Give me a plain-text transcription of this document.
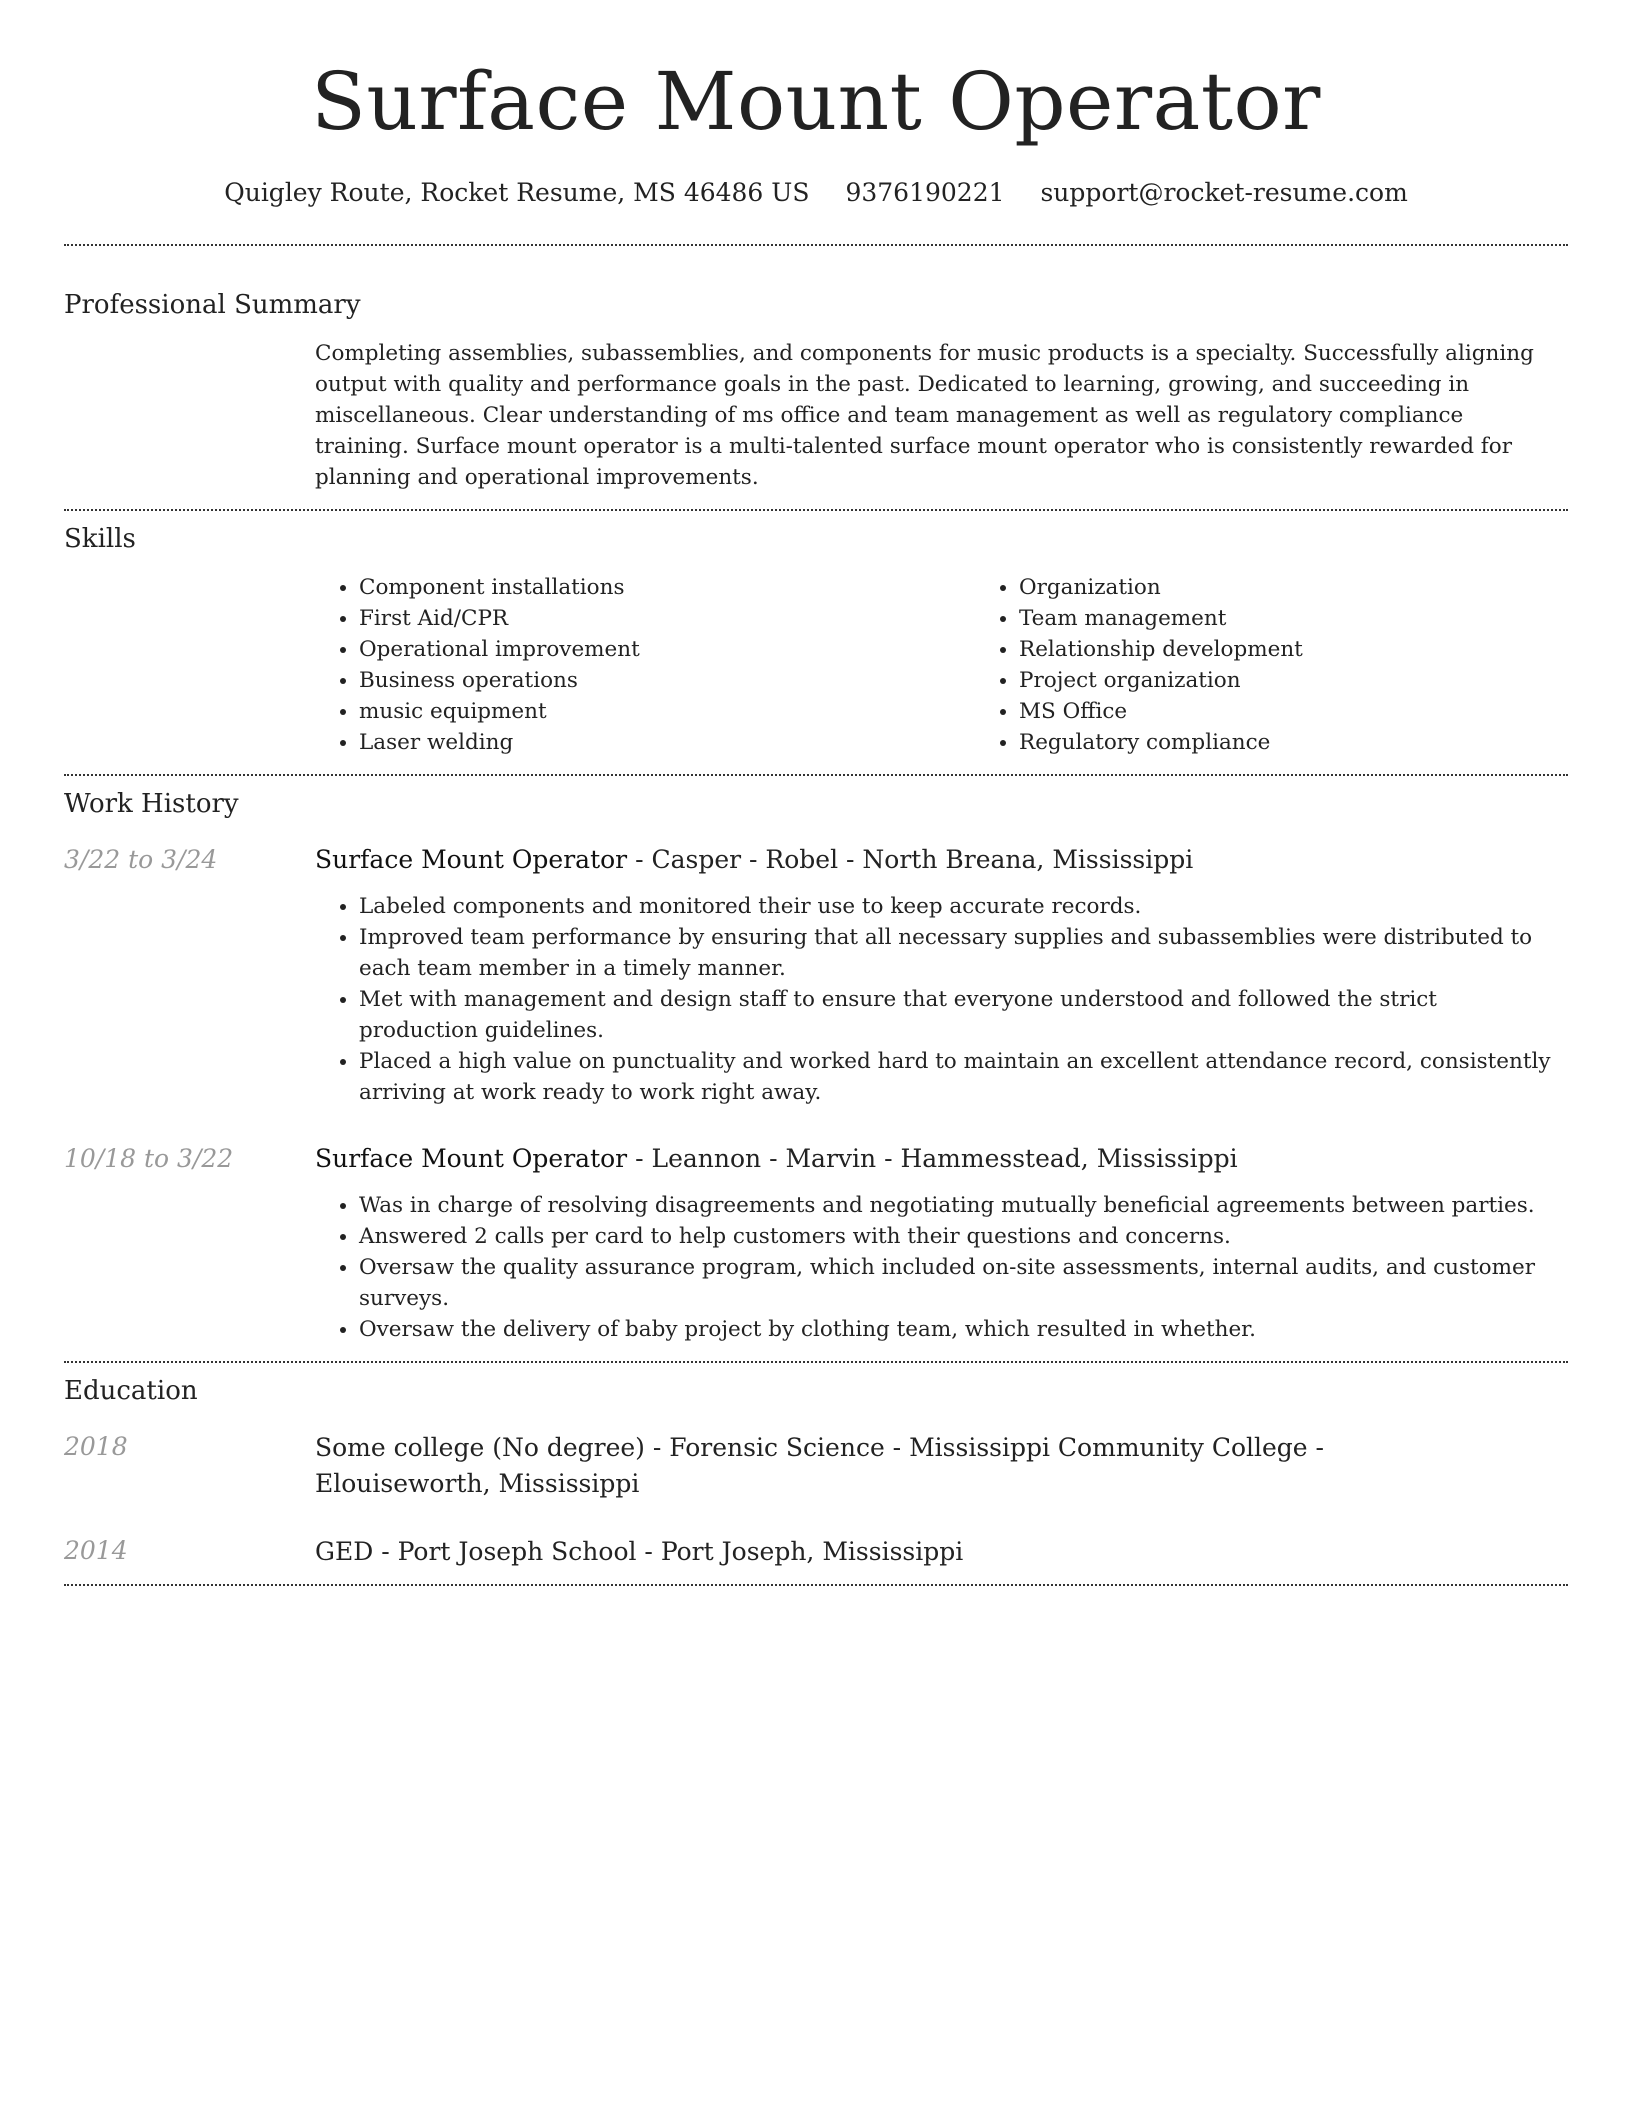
Surface Mount Operator
Quigley Route, Rocket Resume, MS 46486 US 9376190221 support@rocket-resume.com
Professional Summary

Completing assemblies, subassemblies, and components for music products is a specialty. Successfully aligning output with quality and performance goals in the past. Dedicated to learning, growing, and succeeding in miscellaneous. Clear understanding of ms office and team management as well as regulatory compliance training. Surface mount operator is a multi-talented surface mount operator who is consistently rewarded for planning and operational improvements.

Skills
• Component installations
• First Aid/CPR
• Operational improvement
• Business operations
• music equipment
• Laser welding
• Organization
• Team management
• Relationship development
• Project organization
• MS Office
• Regulatory compliance
Work History
3/22 to 3/24	Surface Mount Operator - Casper - Robel - North Breana, Mississippi

• Labeled components and monitored their use to keep accurate records.
• Improved team performance by ensuring that all necessary supplies and subassemblies were distributed to each team member in a timely manner.
• Met with management and design staff to ensure that everyone understood and followed the strict production guidelines.
• Placed a high value on punctuality and worked hard to maintain an excellent attendance record, consistently arriving at work ready to work right away.
10/18 to 3/22	Surface Mount Operator - Leannon - Marvin - Hammesstead, Mississippi

• Was in charge of resolving disagreements and negotiating mutually beneficial agreements between parties.
• Answered 2 calls per card to help customers with their questions and concerns.
• Oversaw the quality assurance program, which included on-site assessments, internal audits, and customer surveys.
• Oversaw the delivery of baby project by clothing team, which resulted in whether.
Education
2018	Some college (No degree) - Forensic Science - Mississippi Community College - Elouiseworth, Mississippi

2014	GED - Port Joseph School - Port Joseph, Mississippi
